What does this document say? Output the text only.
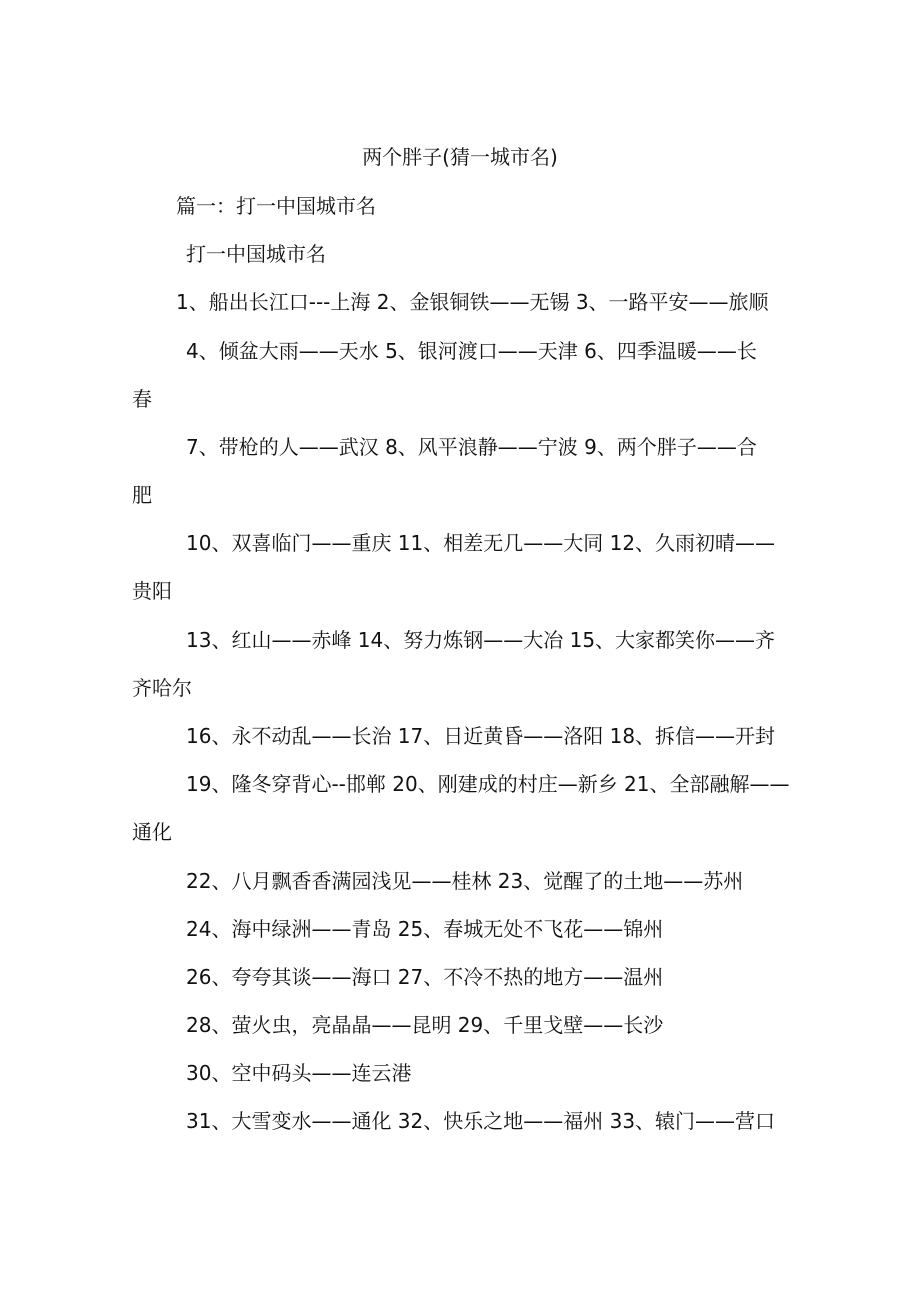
两个胖子(猜一城市名)
篇一：打一中国城市名
打一中国城市名
1、船出长江口---上海 2、金银铜铁——无锡 3、一路平安——旅顺
4、倾盆大雨——天水 5、银河渡口——天津 6、四季温暖——长
春
7、带枪的人——武汉 8、风平浪静——宁波 9、两个胖子——合
肥
10、双喜临门——重庆 11、相差无几——大同 12、久雨初晴——
贵阳
13、红山——赤峰 14、努力炼钢——大冶 15、大家都笑你——齐
齐哈尔
16、永不动乱——长治 17、日近黄昏——洛阳 18、拆信——开封
19、隆冬穿背心--邯郸 20、刚建成的村庄—新乡 21、全部融解——
通化
22、八月飘香香满园浅见——桂林 23、觉醒了的土地——苏州
24、海中绿洲——青岛 25、春城无处不飞花——锦州
26、夸夸其谈——海口 27、不冷不热的地方——温州
28、萤火虫，亮晶晶——昆明 29、千里戈壁——长沙
30、空中码头——连云港
31、大雪变水——通化 32、快乐之地——福州 33、辕门——营口
